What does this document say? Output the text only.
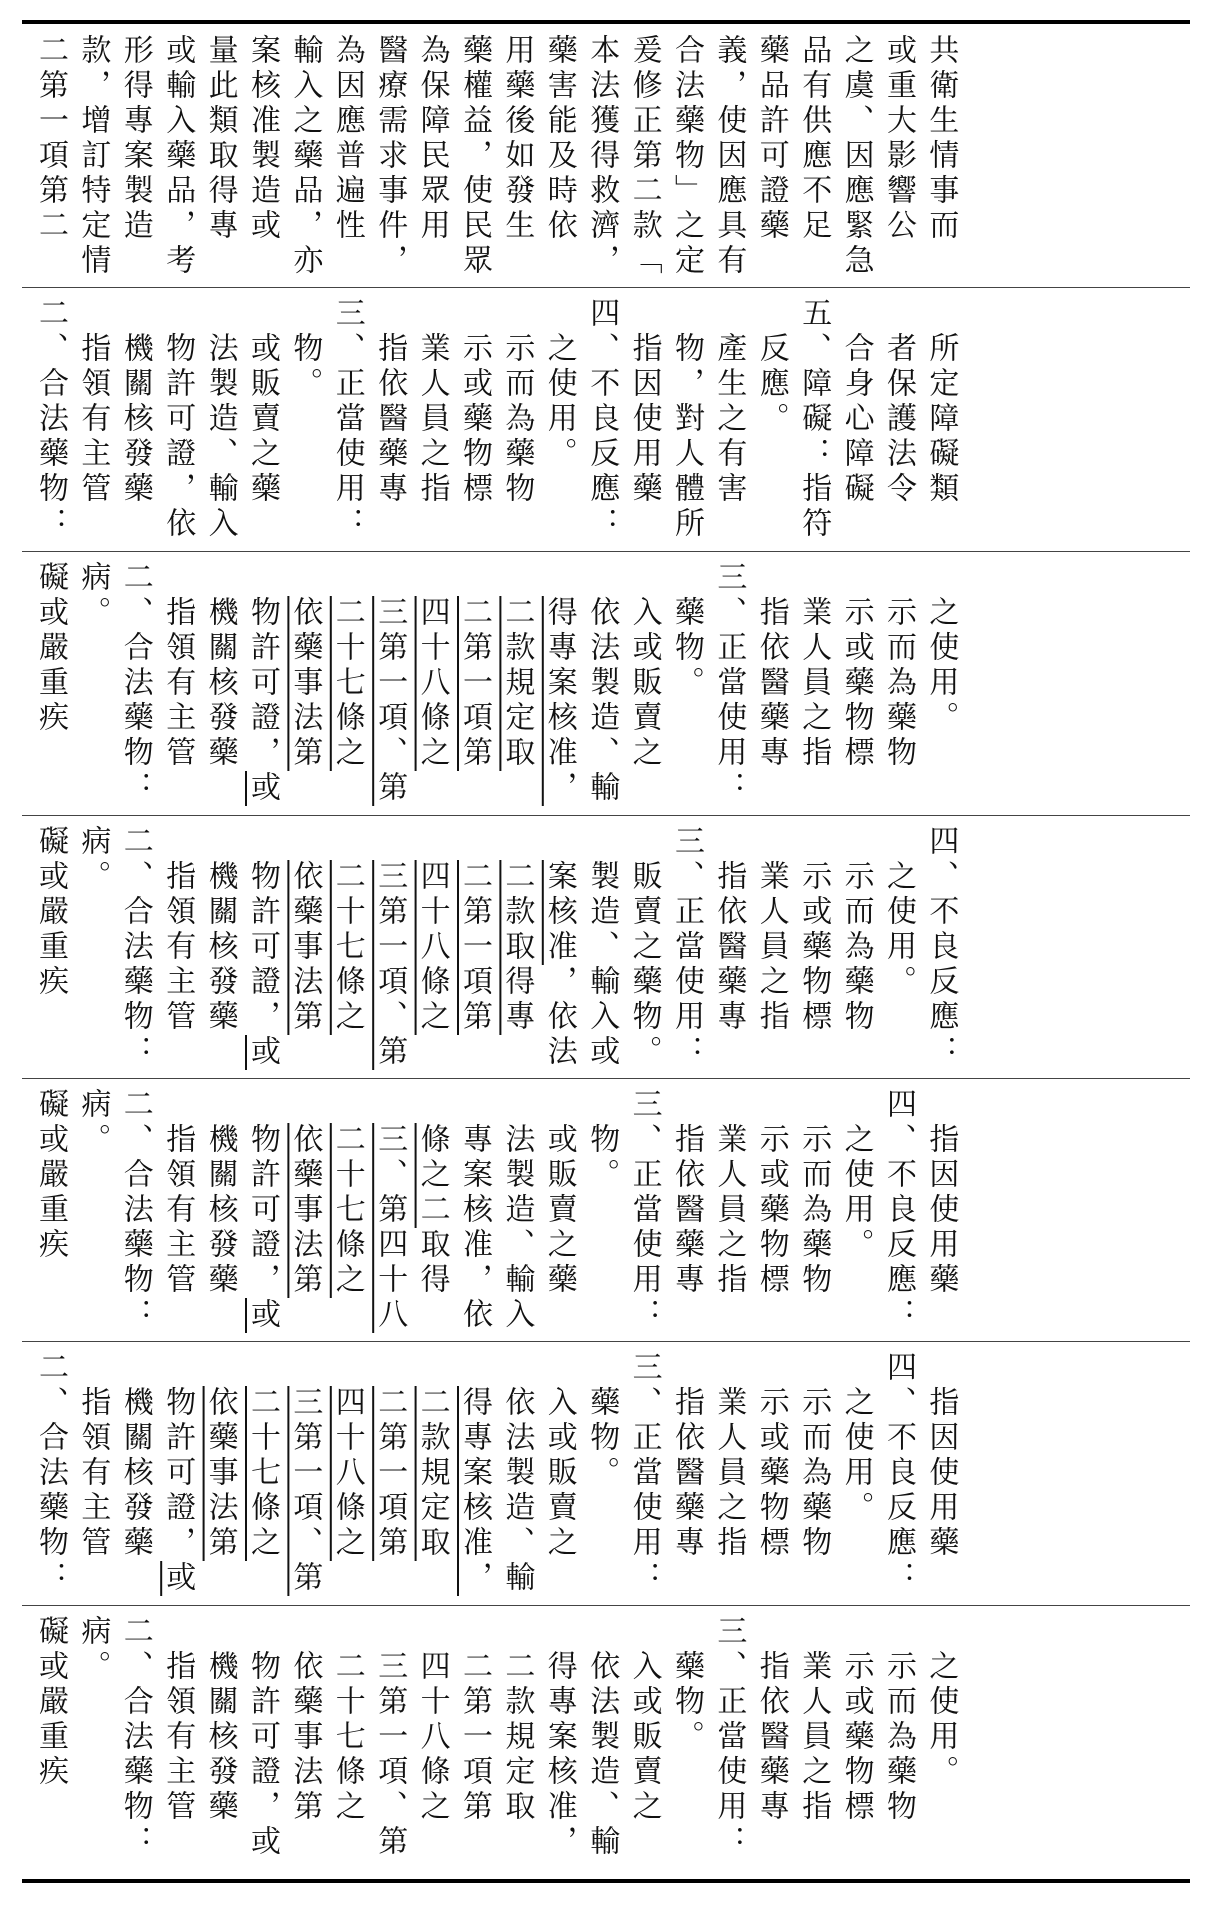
二第一項第二 款，增訂特定情 形得專案製造 或輸入藥品，考 量此類取得專 案核准製造或 輸入之藥品，亦 為因應普遍性 醫療需求事件， 為保障民眾用 藥權益，使民眾 用藥後如發生 藥害能及時依 本法獲得救濟， 爰修正第二款「 合法藥物」之定 義，使因應具有 藥品許可證藥 品有供應不足 之虞、因應緊急 或重大影響公 共衛生情事而
二、合法藥物： 　指領有主管 　機關核發藥 　物許可證，依 　法製造、輸入 　或販賣之藥 　物。 三、正當使用： 　指依醫藥專 　業人員之指 　示或藥物標 　示而為藥物 　之使用。 四、不良反應： 　指因使用藥 　物，對人體所 　產生之有害 　反應。 五、障礙：指符 　合身心障礙 　者保護法令 　所定障礙類
礙或嚴重疾 病。 二、合法藥物： 　指領有主管 　機關核發藥 　物許可證，或
　依藥事法第
　 二十七條之
　 三第一項、第
　 四十八條之
　 二第一項第
　 二款規定取
　 得專案核准， 　依法製造、輸 　入或販賣之 　藥物。 三、正當使用： 　指依醫藥專 　業人員之指 　示或藥物標 　示而為藥物 　之使用。
礙或嚴重疾 病。 二、合法藥物： 　指領有主管 　機關核發藥 　物許可證，或
　依藥事法第
　 二十七條之
　 三第一項、第
　 四十八條之
　 二第一項第
　 二款取得專
　 案核准，依法 　製造、輸入或 　販賣之藥物。 三、正當使用： 　指依醫藥專 　業人員之指 　示或藥物標 　示而為藥物 　之使用。 四、不良反應：
礙或嚴重疾 病。 二、合法藥物： 　指領有主管 　機關核發藥 　物許可證，或
　依藥事法第
　 二十七條之
　 三、第四十八
　 條之二取得 　專案核准，依 　法製造、輸入 　或販賣之藥 　物。 三、正當使用： 　指依醫藥專 　業人員之指 　示或藥物標 　示而為藥物 　之使用。 四、不良反應： 　指因使用藥
二、合法藥物： 　指領有主管 　機關核發藥 　物許可證，或
　依藥事法第
　 二十七條之
　 三第一項、第
　 四十八條之
　 二第一項第
　 二款規定取
　 得專案核准， 　依法製造、輸 　入或販賣之 　藥物。 三、正當使用： 　指依醫藥專 　業人員之指 　示或藥物標 　示而為藥物 　之使用。 四、不良反應： 　指因使用藥
礙或嚴重疾 病。 二、合法藥物： 　指領有主管 　機關核發藥 　物許可證，或 　依藥事法第 　二十七條之 　三第一項、第 　四十八條之 　二第一項第 　二款規定取 　得專案核准， 　依法製造、輸 　入或販賣之 　藥物。 三、正當使用： 　指依醫藥專 　業人員之指 　示或藥物標 　示而為藥物 　之使用。
